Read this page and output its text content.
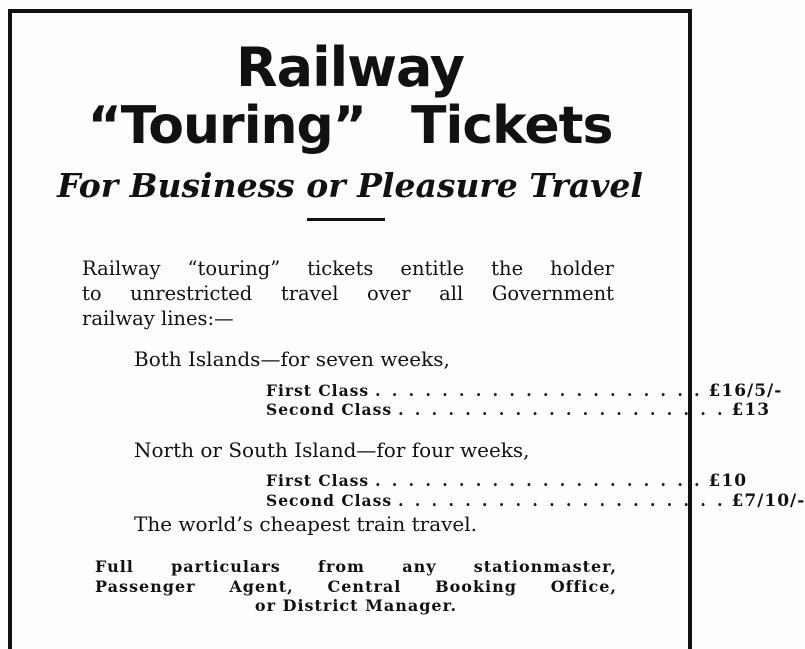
Railway
“Touring” Tickets
For Business or Pleasure Travel
Railway “touring” tickets entitle the holder
to unrestricted travel over all Government
railway lines:—
Both Islands—for seven weeks,
First Class . . . . . . . . . . . . . . . . . . . . £16/5/-
Second Class . . . . . . . . . . . . . . . . . . . . £13
North or South Island—for four weeks,
First Class . . . . . . . . . . . . . . . . . . . . £10
Second Class . . . . . . . . . . . . . . . . . . . . £7/10/-
The world’s cheapest train travel.
Full particulars from any stationmaster,
Passenger Agent, Central Booking Office,
or District Manager.
